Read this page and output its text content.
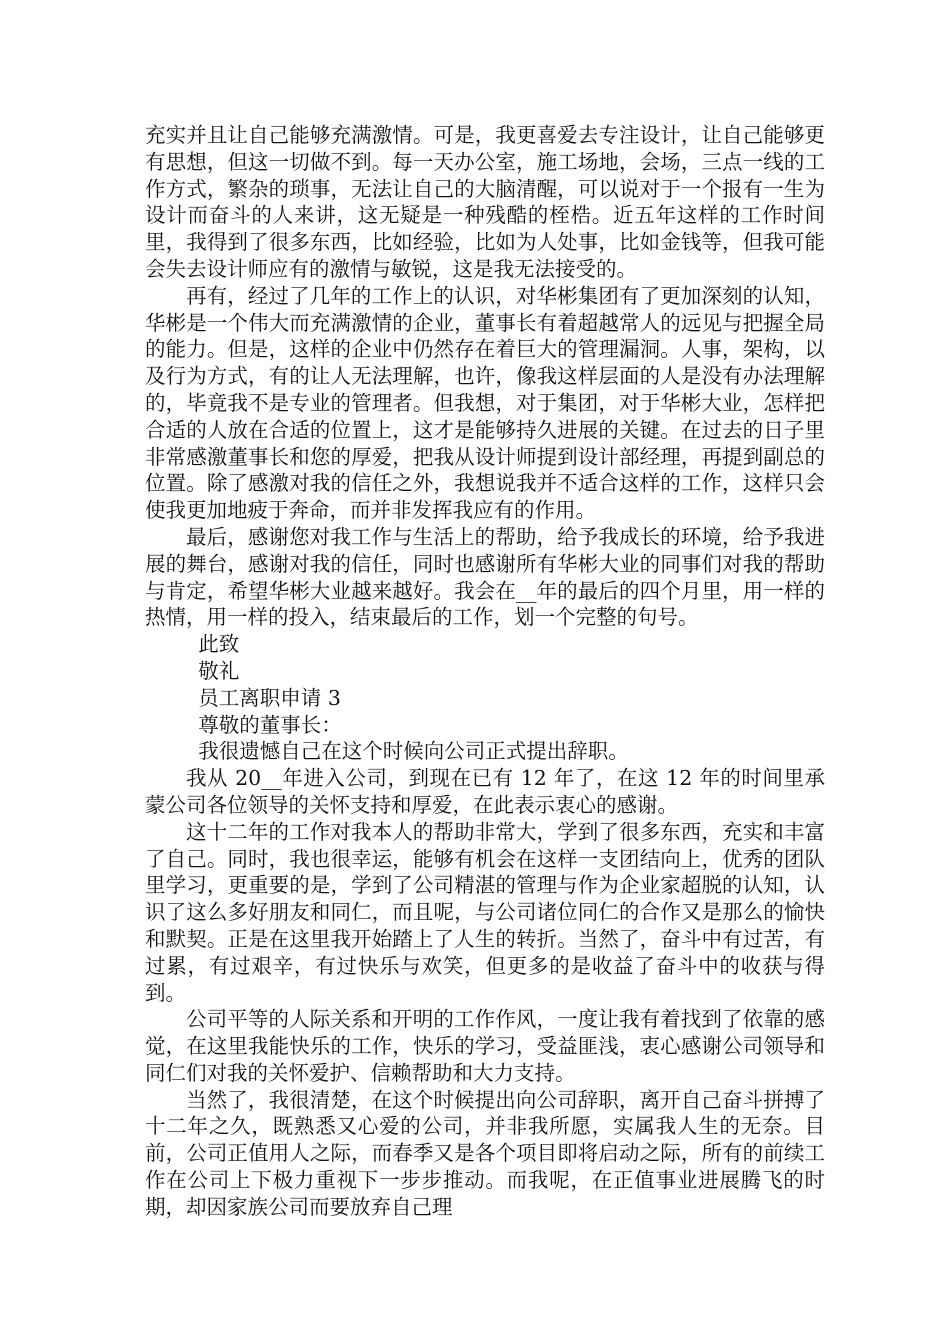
充实并且让自己能够充满激情。可是，我更喜爱去专注设计，让自己能够更有思想，但这一切做不到。每一天办公室，施工场地，会场，三点一线的工作方式，繁杂的琐事，无法让自己的大脑清醒，可以说对于一个报有一生为设计而奋斗的人来讲，这无疑是一种残酷的桎梏。近五年这样的工作时间里，我得到了很多东西，比如经验，比如为人处事，比如金钱等，但我可能会失去设计师应有的激情与敏锐，这是我无法接受的。

再有，经过了几年的工作上的认识，对华彬集团有了更加深刻的认知，华彬是一个伟大而充满激情的企业，董事长有着超越常人的远见与把握全局的能力。但是，这样的企业中仍然存在着巨大的管理漏洞。人事，架构，以及行为方式，有的让人无法理解，也许，像我这样层面的人是没有办法理解的，毕竟我不是专业的管理者。但我想，对于集团，对于华彬大业，怎样把合适的人放在合适的位置上，这才是能够持久进展的关键。在过去的日子里非常感激董事长和您的厚爱，把我从设计师提到设计部经理，再提到副总的位置。除了感激对我的信任之外，我想说我并不适合这样的工作，这样只会使我更加地疲于奔命，而并非发挥我应有的作用。

最后，感谢您对我工作与生活上的帮助，给予我成长的环境，给予我进展的舞台，感谢对我的信任，同时也感谢所有华彬大业的同事们对我的帮助与肯定，希望华彬大业越来越好。我会在__年的最后的四个月里，用一样的热情，用一样的投入，结束最后的工作，划一个完整的句号。

此致

敬礼

员工离职申请 3

尊敬的董事长：

我很遗憾自己在这个时候向公司正式提出辞职。

我从 20__年进入公司，到现在已有 12 年了，在这 12 年的时间里承蒙公司各位领导的关怀支持和厚爱，在此表示衷心的感谢。

这十二年的工作对我本人的帮助非常大，学到了很多东西，充实和丰富了自己。同时，我也很幸运，能够有机会在这样一支团结向上，优秀的团队里学习，更重要的是，学到了公司精湛的管理与作为企业家超脱的认知，认识了这么多好朋友和同仁，而且呢，与公司诸位同仁的合作又是那么的愉快和默契。正是在这里我开始踏上了人生的转折。当然了，奋斗中有过苦，有过累，有过艰辛，有过快乐与欢笑，但更多的是收益了奋斗中的收获与得到。

公司平等的人际关系和开明的工作作风，一度让我有着找到了依靠的感觉，在这里我能快乐的工作，快乐的学习，受益匪浅，衷心感谢公司领导和同仁们对我的关怀爱护、信赖帮助和大力支持。

当然了，我很清楚，在这个时候提出向公司辞职，离开自己奋斗拼搏了十二年之久，既熟悉又心爱的公司，并非我所愿，实属我人生的无奈。目前，公司正值用人之际，而春季又是各个项目即将启动之际，所有的前续工作在公司上下极力重视下一步步推动。而我呢，在正值事业进展腾飞的时期，却因家族公司而要放弃自己理
